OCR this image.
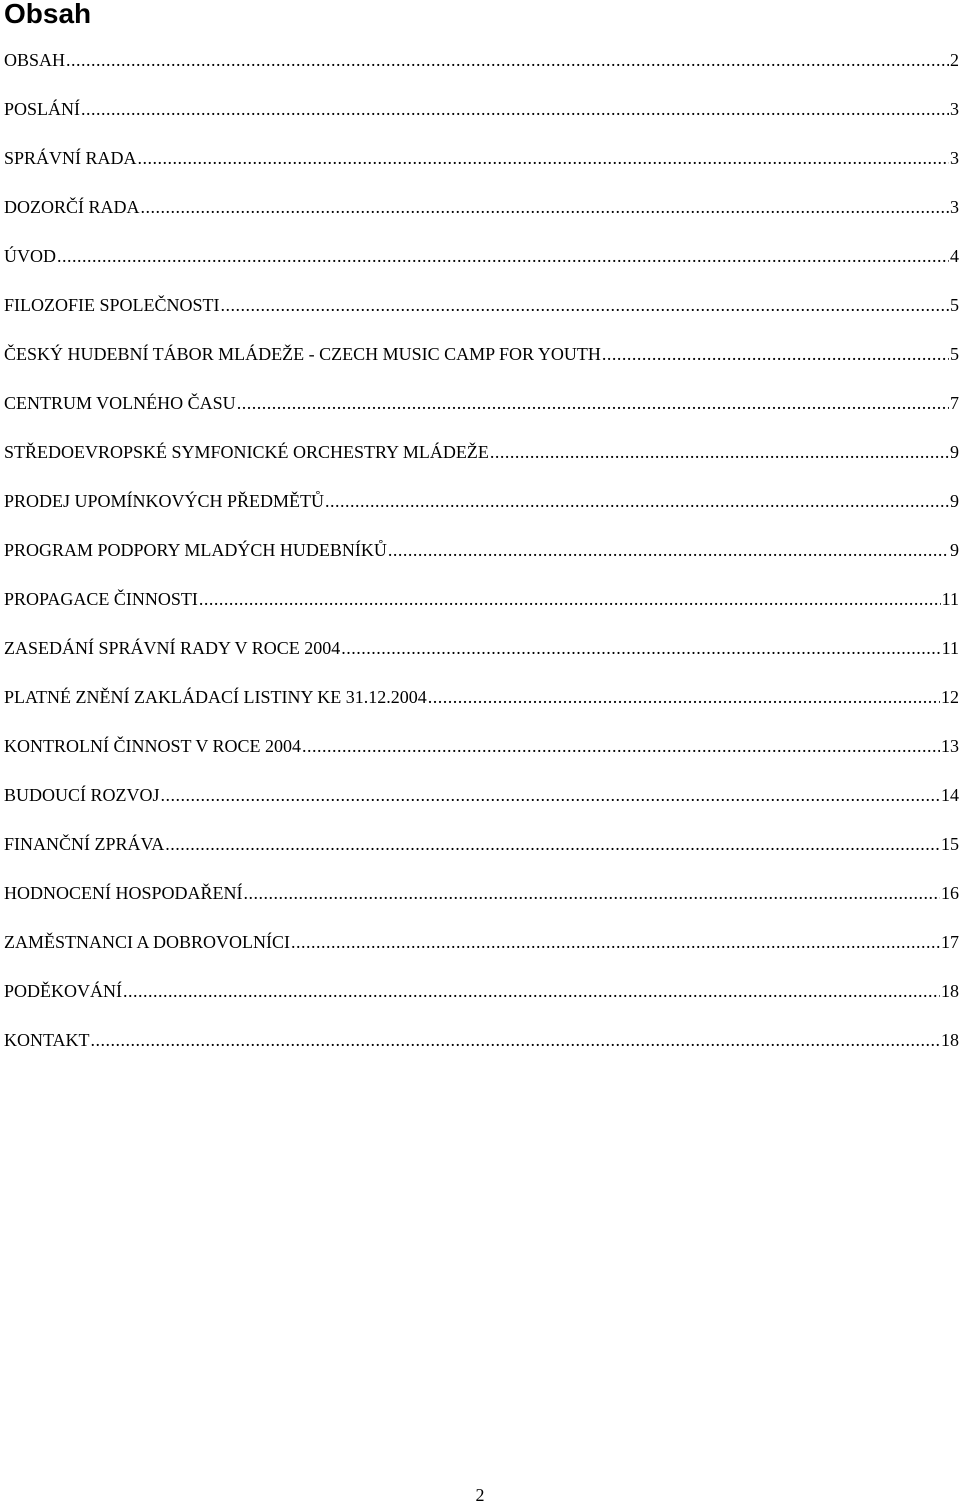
Obsah
OBSAH .....	2
POSLÁNÍ .....	3
SPRÁVNÍ RADA .....	3
DOZORČÍ RADA .....	3
ÚVOD .....	4
FILOZOFIE SPOLEČNOSTI .....	5
ČESKÝ HUDEBNÍ TÁBOR MLÁDEŽE - CZECH MUSIC CAMP FOR YOUTH .....	5
CENTRUM VOLNÉHO ČASU .....	7
STŘEDOEVROPSKÉ SYMFONICKÉ ORCHESTRY MLÁDEŽE .....	9
PRODEJ UPOMÍNKOVÝCH PŘEDMĚTŮ .....	9
PROGRAM PODPORY MLADÝCH HUDEBNÍKŮ .....	9
PROPAGACE ČINNOSTI .....	11
ZASEDÁNÍ SPRÁVNÍ RADY V ROCE 2004 .....	11
PLATNÉ ZNĚNÍ ZAKLÁDACÍ LISTINY KE 31.12.2004 .....	12
KONTROLNÍ ČINNOST V ROCE 2004 .....	13
BUDOUCÍ ROZVOJ .....	14
FINANČNÍ ZPRÁVA .....	15
HODNOCENÍ HOSPODAŘENÍ .....	16
ZAMĚSTNANCI A DOBROVOLNÍCI .....	17
PODĚKOVÁNÍ .....	18
KONTAKT .....	18
2
